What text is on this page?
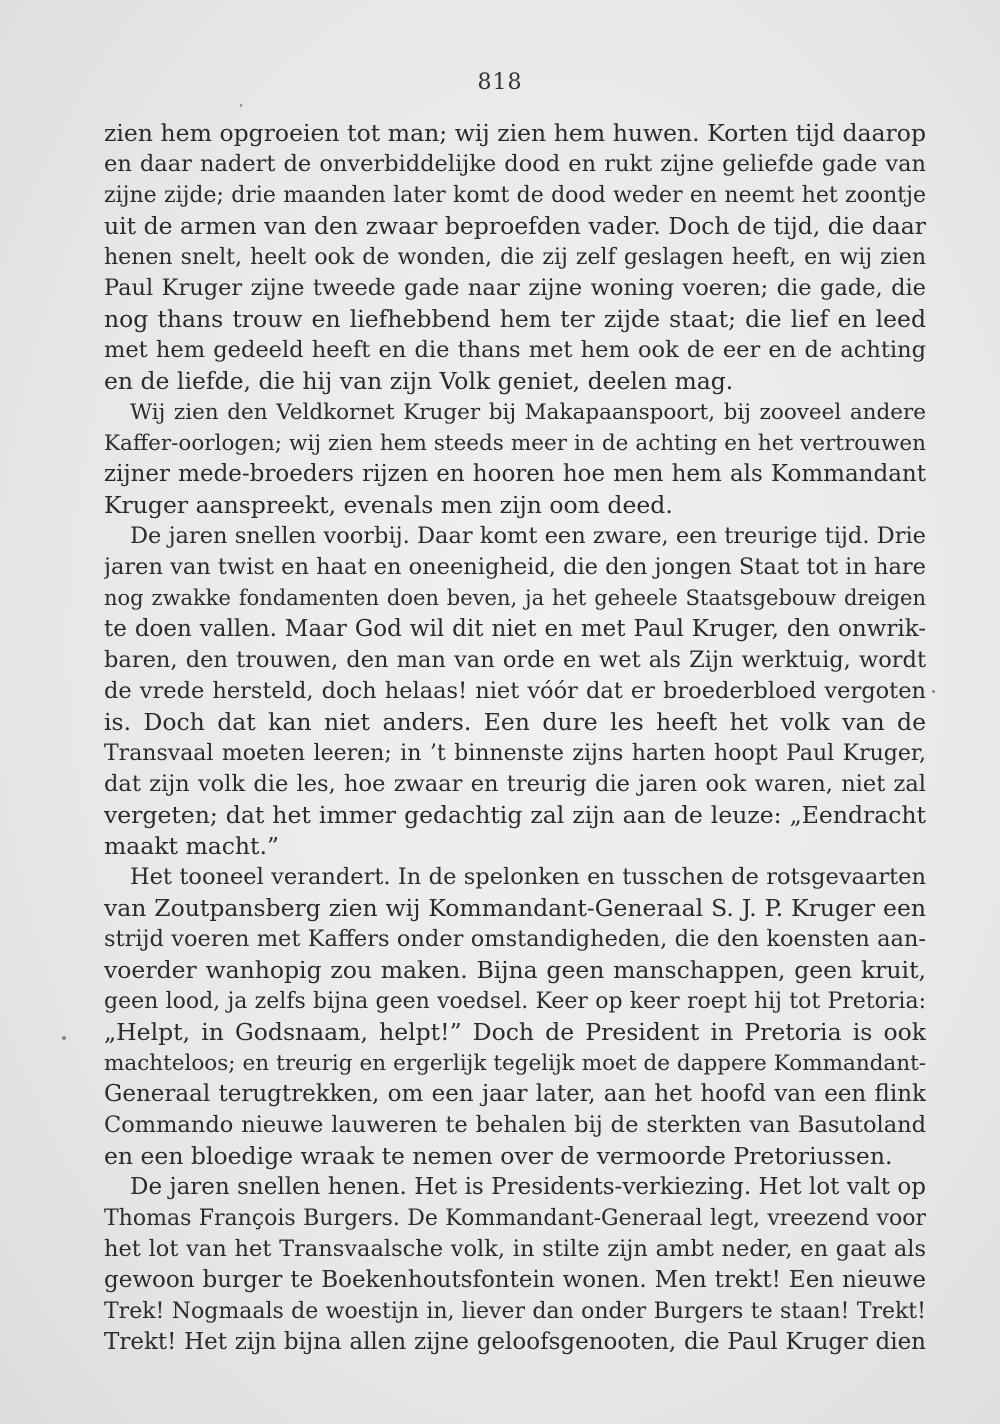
818
zien hem opgroeien tot man; wij zien hem huwen. Korten tijd daarop
en daar nadert de onverbiddelijke dood en rukt zijne geliefde gade van
zijne zijde; drie maanden later komt de dood weder en neemt het zoontje
uit de armen van den zwaar beproefden vader. Doch de tijd, die daar
henen snelt, heelt ook de wonden, die zij zelf geslagen heeft, en wij zien
Paul Kruger zijne tweede gade naar zijne woning voeren; die gade, die
nog thans trouw en liefhebbend hem ter zijde staat; die lief en leed
met hem gedeeld heeft en die thans met hem ook de eer en de achting
en de liefde, die hij van zijn Volk geniet, deelen mag.
Wij zien den Veldkornet Kruger bij Makapaanspoort, bij zooveel andere
Kaffer-oorlogen; wij zien hem steeds meer in de achting en het vertrouwen
zijner mede-broeders rijzen en hooren hoe men hem als Kommandant
Kruger aanspreekt, evenals men zijn oom deed.
De jaren snellen voorbij. Daar komt een zware, een treurige tijd. Drie
jaren van twist en haat en oneenigheid, die den jongen Staat tot in hare
nog zwakke fondamenten doen beven, ja het geheele Staatsgebouw dreigen
te doen vallen. Maar God wil dit niet en met Paul Kruger, den onwrik-
baren, den trouwen, den man van orde en wet als Zijn werktuig, wordt
de vrede hersteld, doch helaas! niet vóór dat er broederbloed vergoten
is. Doch dat kan niet anders. Een dure les heeft het volk van de
Transvaal moeten leeren; in ’t binnenste zijns harten hoopt Paul Kruger,
dat zijn volk die les, hoe zwaar en treurig die jaren ook waren, niet zal
vergeten; dat het immer gedachtig zal zijn aan de leuze: „Eendracht
maakt macht.”
Het tooneel verandert. In de spelonken en tusschen de rotsgevaarten
van Zoutpansberg zien wij Kommandant-Generaal S. J. P. Kruger een
strijd voeren met Kaffers onder omstandigheden, die den koensten aan-
voerder wanhopig zou maken. Bijna geen manschappen, geen kruit,
geen lood, ja zelfs bijna geen voedsel. Keer op keer roept hij tot Pretoria:
„Helpt, in Godsnaam, helpt!” Doch de President in Pretoria is ook
machteloos; en treurig en ergerlijk tegelijk moet de dappere Kommandant-
Generaal terugtrekken, om een jaar later, aan het hoofd van een flink
Commando nieuwe lauweren te behalen bij de sterkten van Basutoland
en een bloedige wraak te nemen over de vermoorde Pretoriussen.
De jaren snellen henen. Het is Presidents-verkiezing. Het lot valt op
Thomas François Burgers. De Kommandant-Generaal legt, vreezend voor
het lot van het Transvaalsche volk, in stilte zijn ambt neder, en gaat als
gewoon burger te Boekenhoutsfontein wonen. Men trekt! Een nieuwe
Trek! Nogmaals de woestijn in, liever dan onder Burgers te staan! Trekt!
Trekt! Het zijn bijna allen zijne geloofsgenooten, die Paul Kruger dien
